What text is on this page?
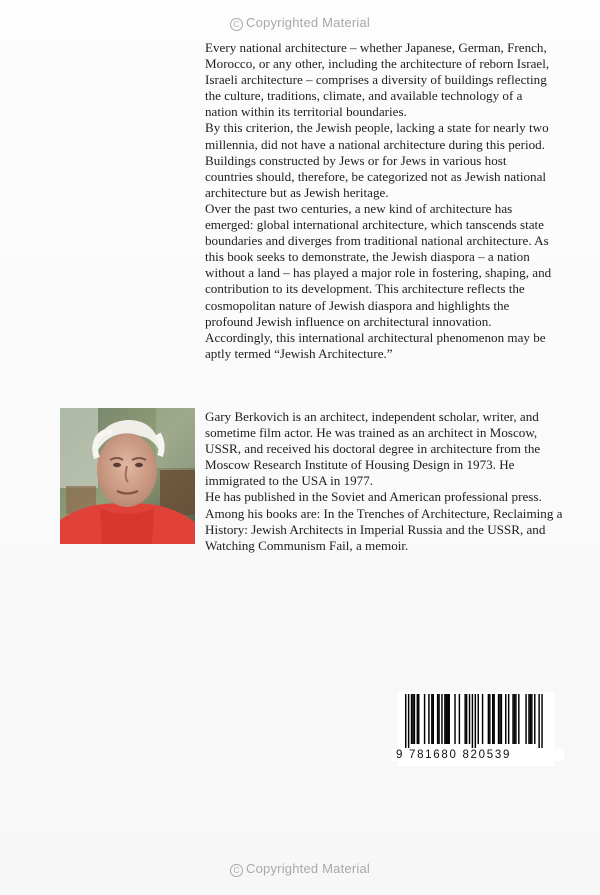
C Copyrighted Material

Every national architecture – whether Japanese, German, French, Morocco, or any other, including the architecture of reborn Israel, Israeli architecture – comprises a diversity of buildings reflecting the culture, traditions, climate, and available technology of a nation within its territorial boundaries.

By this criterion, the Jewish people, lacking a state for nearly two millennia, did not have a national architecture during this period. Buildings constructed by Jews or for Jews in various host countries should, therefore, be categorized not as Jewish national architecture but as Jewish heritage.

Over the past two centuries, a new kind of architecture has emerged: global international architecture, which tanscends state boundaries and diverges from traditional national architecture. As this book seeks to demonstrate, the Jewish diaspora – a nation without a land – has played a major role in fostering, shaping, and contribution to its development. This architecture reflects the cosmopolitan nature of Jewish diaspora and highlights the profound Jewish influence on architectural innovation. Accordingly, this international architectural phenomenon may be aptly termed “Jewish Architecture.”

Gary Berkovich is an architect, independent scholar, writer, and sometime film actor. He was trained as an architect in Moscow, USSR, and received his doctoral degree in architecture from the Moscow Research Institute of Housing Design in 1973. He immigrated to the USA in 1977.

He has published in the Soviet and American professional press. Among his books are: In the Trenches of Architecture, Reclaiming a History: Jewish Architects in Imperial Russia and the USSR, and Watching Communism Fail, a memoir.

9 781680 820539
C Copyrighted Material
